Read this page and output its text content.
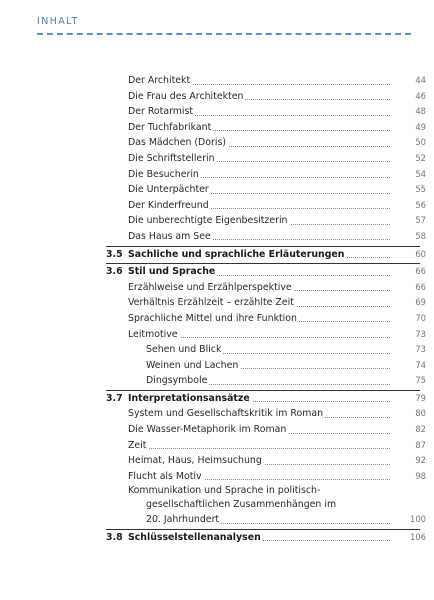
INHALT
Der Architekt	44
Die Frau des Architekten	46
Der Rotarmist	48
Der Tuchfabrikant	49
Das Mädchen (Doris)	50
Die Schriftstellerin	52
Die Besucherin	54
Die Unterpächter	55
Der Kinderfreund	56
Die unberechtigte Eigenbesitzerin	57
Das Haus am See	58
3.5 Sachliche und sprachliche Erläuterungen	60
3.6 Stil und Sprache	66
Erzählweise und Erzählperspektive	66
Verhältnis Erzählzeit – erzählte Zeit	69
Sprachliche Mittel und ihre Funktion	70
Leitmotive	73
Sehen und Blick	73
Weinen und Lachen	74
Dingsymbole	75
3.7 Interpretationsansätze	79
System und Gesellschaftskritik im Roman	80
Die Wasser-Metaphorik im Roman	82
Zeit	87
Heimat, Haus, Heimsuchung	92
Flucht als Motiv	98
Kommunikation und Sprache in politisch-
gesellschaftlichen Zusammenhängen im
20. Jahrhundert	100
3.8 Schlüsselstellenanalysen	106
